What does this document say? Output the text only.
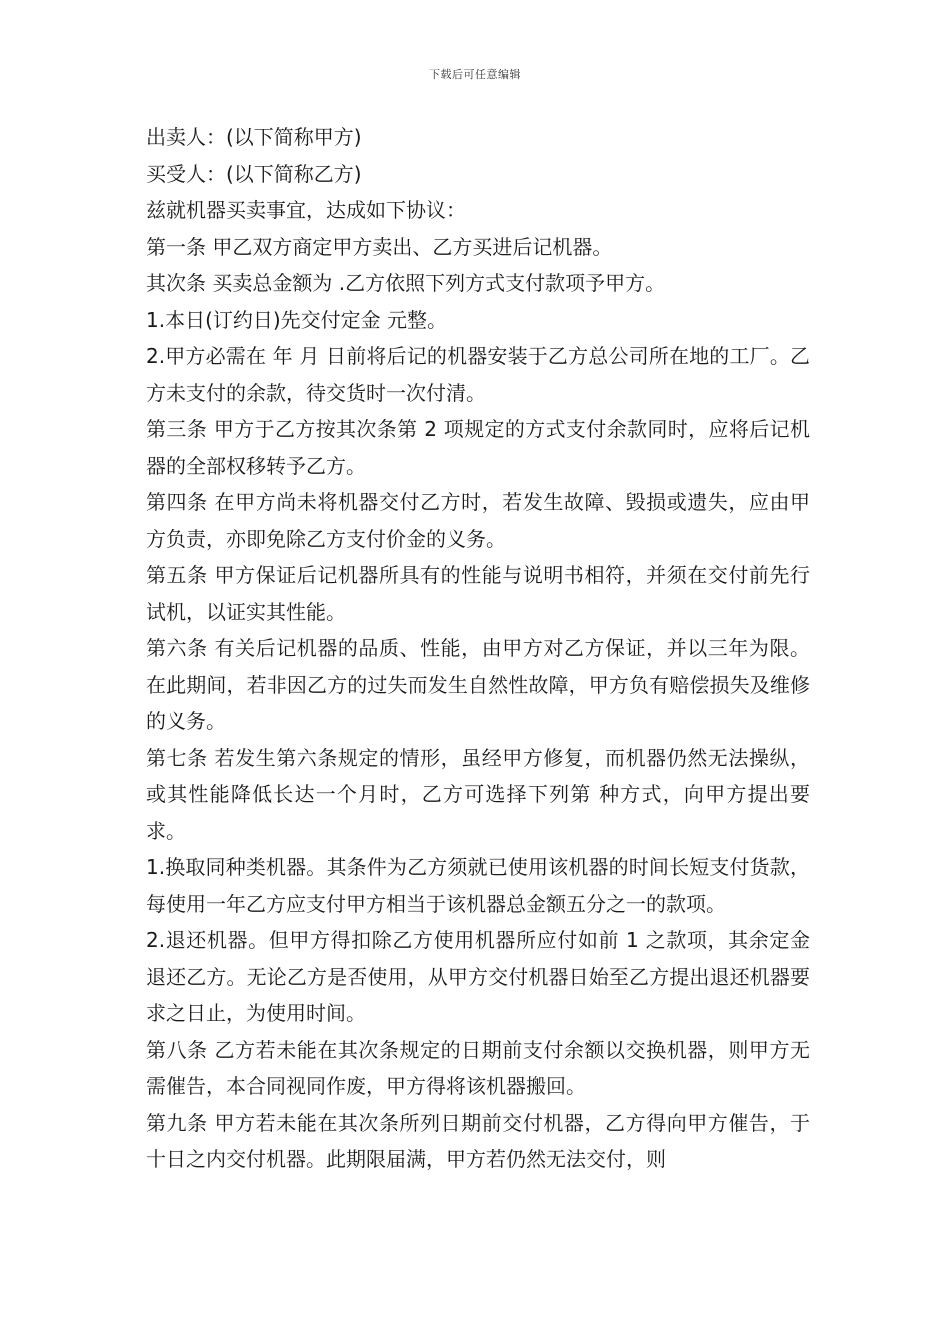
下载后可任意编辑

出卖人：(以下简称甲方)

买受人：(以下简称乙方)

兹就机器买卖事宜，达成如下协议：

第一条 甲乙双方商定甲方卖出、乙方买进后记机器。

其次条 买卖总金额为 .乙方依照下列方式支付款项予甲方。

1.本日(订约日)先交付定金 元整。

2.甲方必需在 年 月 日前将后记的机器安装于乙方总公司所在地的工厂。乙方未支付的余款，待交货时一次付清。

第三条 甲方于乙方按其次条第 2 项规定的方式支付余款同时，应将后记机器的全部权移转予乙方。

第四条 在甲方尚未将机器交付乙方时，若发生故障、毁损或遗失，应由甲方负责，亦即免除乙方支付价金的义务。

第五条 甲方保证后记机器所具有的性能与说明书相符，并须在交付前先行试机，以证实其性能。

第六条 有关后记机器的品质、性能，由甲方对乙方保证，并以三年为限。在此期间，若非因乙方的过失而发生自然性故障，甲方负有赔偿损失及维修的义务。

第七条 若发生第六条规定的情形，虽经甲方修复，而机器仍然无法操纵，或其性能降低长达一个月时，乙方可选择下列第 种方式，向甲方提出要求。

1.换取同种类机器。其条件为乙方须就已使用该机器的时间长短支付货款，每使用一年乙方应支付甲方相当于该机器总金额五分之一的款项。

2.退还机器。但甲方得扣除乙方使用机器所应付如前 1 之款项，其余定金退还乙方。无论乙方是否使用，从甲方交付机器日始至乙方提出退还机器要求之日止，为使用时间。

第八条 乙方若未能在其次条规定的日期前支付余额以交换机器，则甲方无需催告，本合同视同作废，甲方得将该机器搬回。

第九条 甲方若未能在其次条所列日期前交付机器，乙方得向甲方催告，于十日之内交付机器。此期限届满，甲方若仍然无法交付，则
